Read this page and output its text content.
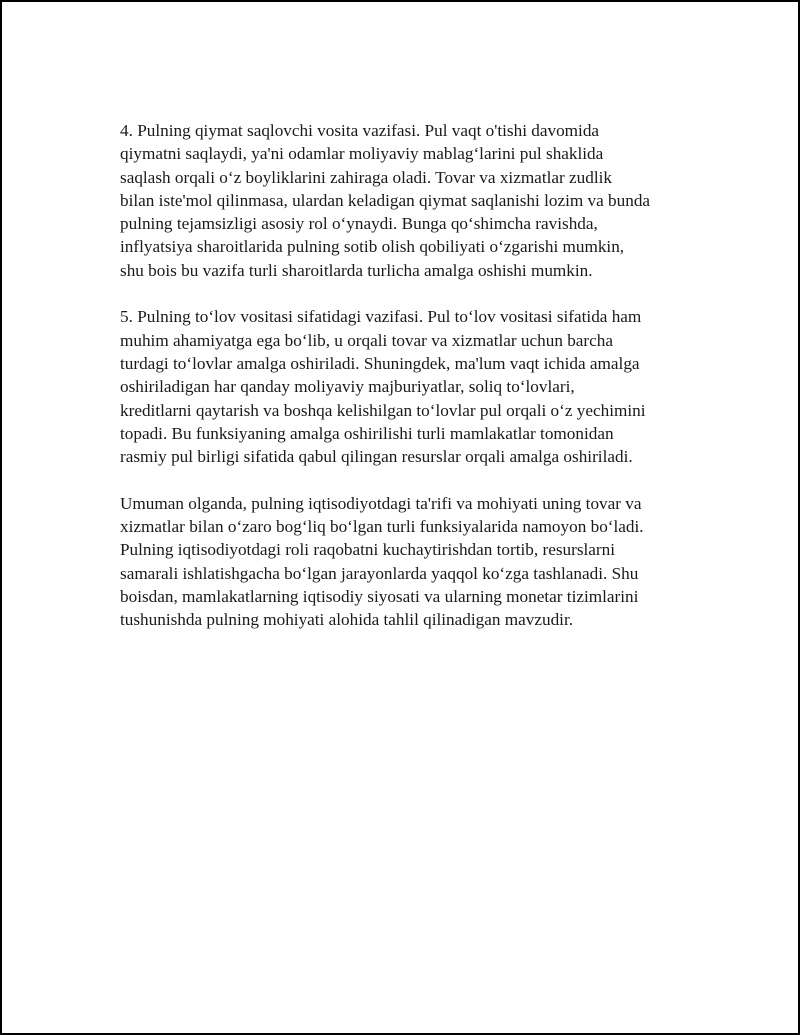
4. Pulning qiymat saqlovchi vosita vazifasi. Pul vaqt o'tishi davomida
qiymatni saqlaydi, ya'ni odamlar moliyaviy mablag‘larini pul shaklida
saqlash orqali o‘z boyliklarini zahiraga oladi. Tovar va xizmatlar zudlik
bilan iste'mol qilinmasa, ulardan keladigan qiymat saqlanishi lozim va bunda
pulning tejamsizligi asosiy rol o‘ynaydi. Bunga qo‘shimcha ravishda,
inflyatsiya sharoitlarida pulning sotib olish qobiliyati o‘zgarishi mumkin,
shu bois bu vazifa turli sharoitlarda turlicha amalga oshishi mumkin.

5. Pulning to‘lov vositasi sifatidagi vazifasi. Pul to‘lov vositasi sifatida ham
muhim ahamiyatga ega bo‘lib, u orqali tovar va xizmatlar uchun barcha
turdagi to‘lovlar amalga oshiriladi. Shuningdek, ma'lum vaqt ichida amalga
oshiriladigan har qanday moliyaviy majburiyatlar, soliq to‘lovlari,
kreditlarni qaytarish va boshqa kelishilgan to‘lovlar pul orqali o‘z yechimini
topadi. Bu funksiyaning amalga oshirilishi turli mamlakatlar tomonidan
rasmiy pul birligi sifatida qabul qilingan resurslar orqali amalga oshiriladi.

Umuman olganda, pulning iqtisodiyotdagi ta'rifi va mohiyati uning tovar va
xizmatlar bilan o‘zaro bog‘liq bo‘lgan turli funksiyalarida namoyon bo‘ladi.
Pulning iqtisodiyotdagi roli raqobatni kuchaytirishdan tortib, resurslarni
samarali ishlatishgacha bo‘lgan jarayonlarda yaqqol ko‘zga tashlanadi. Shu
boisdan, mamlakatlarning iqtisodiy siyosati va ularning monetar tizimlarini
tushunishda pulning mohiyati alohida tahlil qilinadigan mavzudir.
